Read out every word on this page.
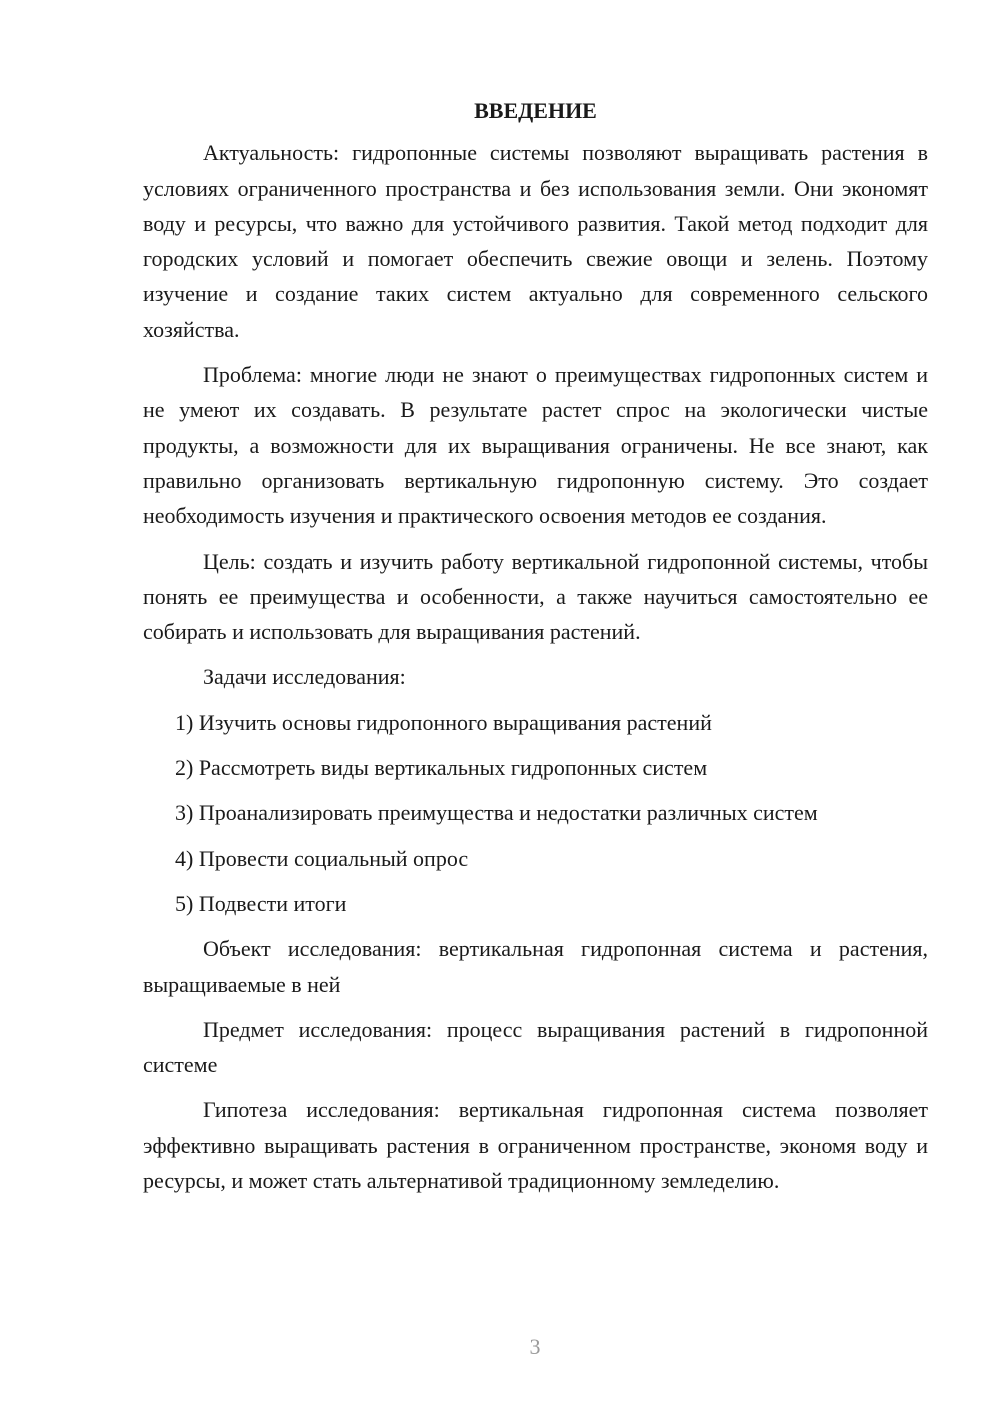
ВВЕДЕНИЕ

Актуальность: гидропонные системы позволяют выращивать растения в условиях ограниченного пространства и без использования земли. Они экономят воду и ресурсы, что важно для устойчивого развития. Такой метод подходит для городских условий и помогает обеспечить свежие овощи и зелень. Поэтому изучение и создание таких систем актуально для современного сельского хозяйства.

Проблема: многие люди не знают о преимуществах гидропонных систем и не умеют их создавать. В результате растет спрос на экологически чистые продукты, а возможности для их выращивания ограничены. Не все знают, как правильно организовать вертикальную гидропонную систему. Это создает необходимость изучения и практического освоения методов ее создания.

Цель: создать и изучить работу вертикальной гидропонной системы, чтобы понять ее преимущества и особенности, а также научиться самостоятельно ее собирать и использовать для выращивания растений.

Задачи исследования:

1) Изучить основы гидропонного выращивания растений

2) Рассмотреть виды вертикальных гидропонных систем

3) Проанализировать преимущества и недостатки различных систем

4) Провести социальный опрос

5) Подвести итоги

Объект исследования: вертикальная гидропонная система и растения, выращиваемые в ней

Предмет исследования: процесс выращивания растений в гидропонной системе

Гипотеза исследования: вертикальная гидропонная система позволяет эффективно выращивать растения в ограниченном пространстве, экономя воду и ресурсы, и может стать альтернативой традиционному земледелию.

3
